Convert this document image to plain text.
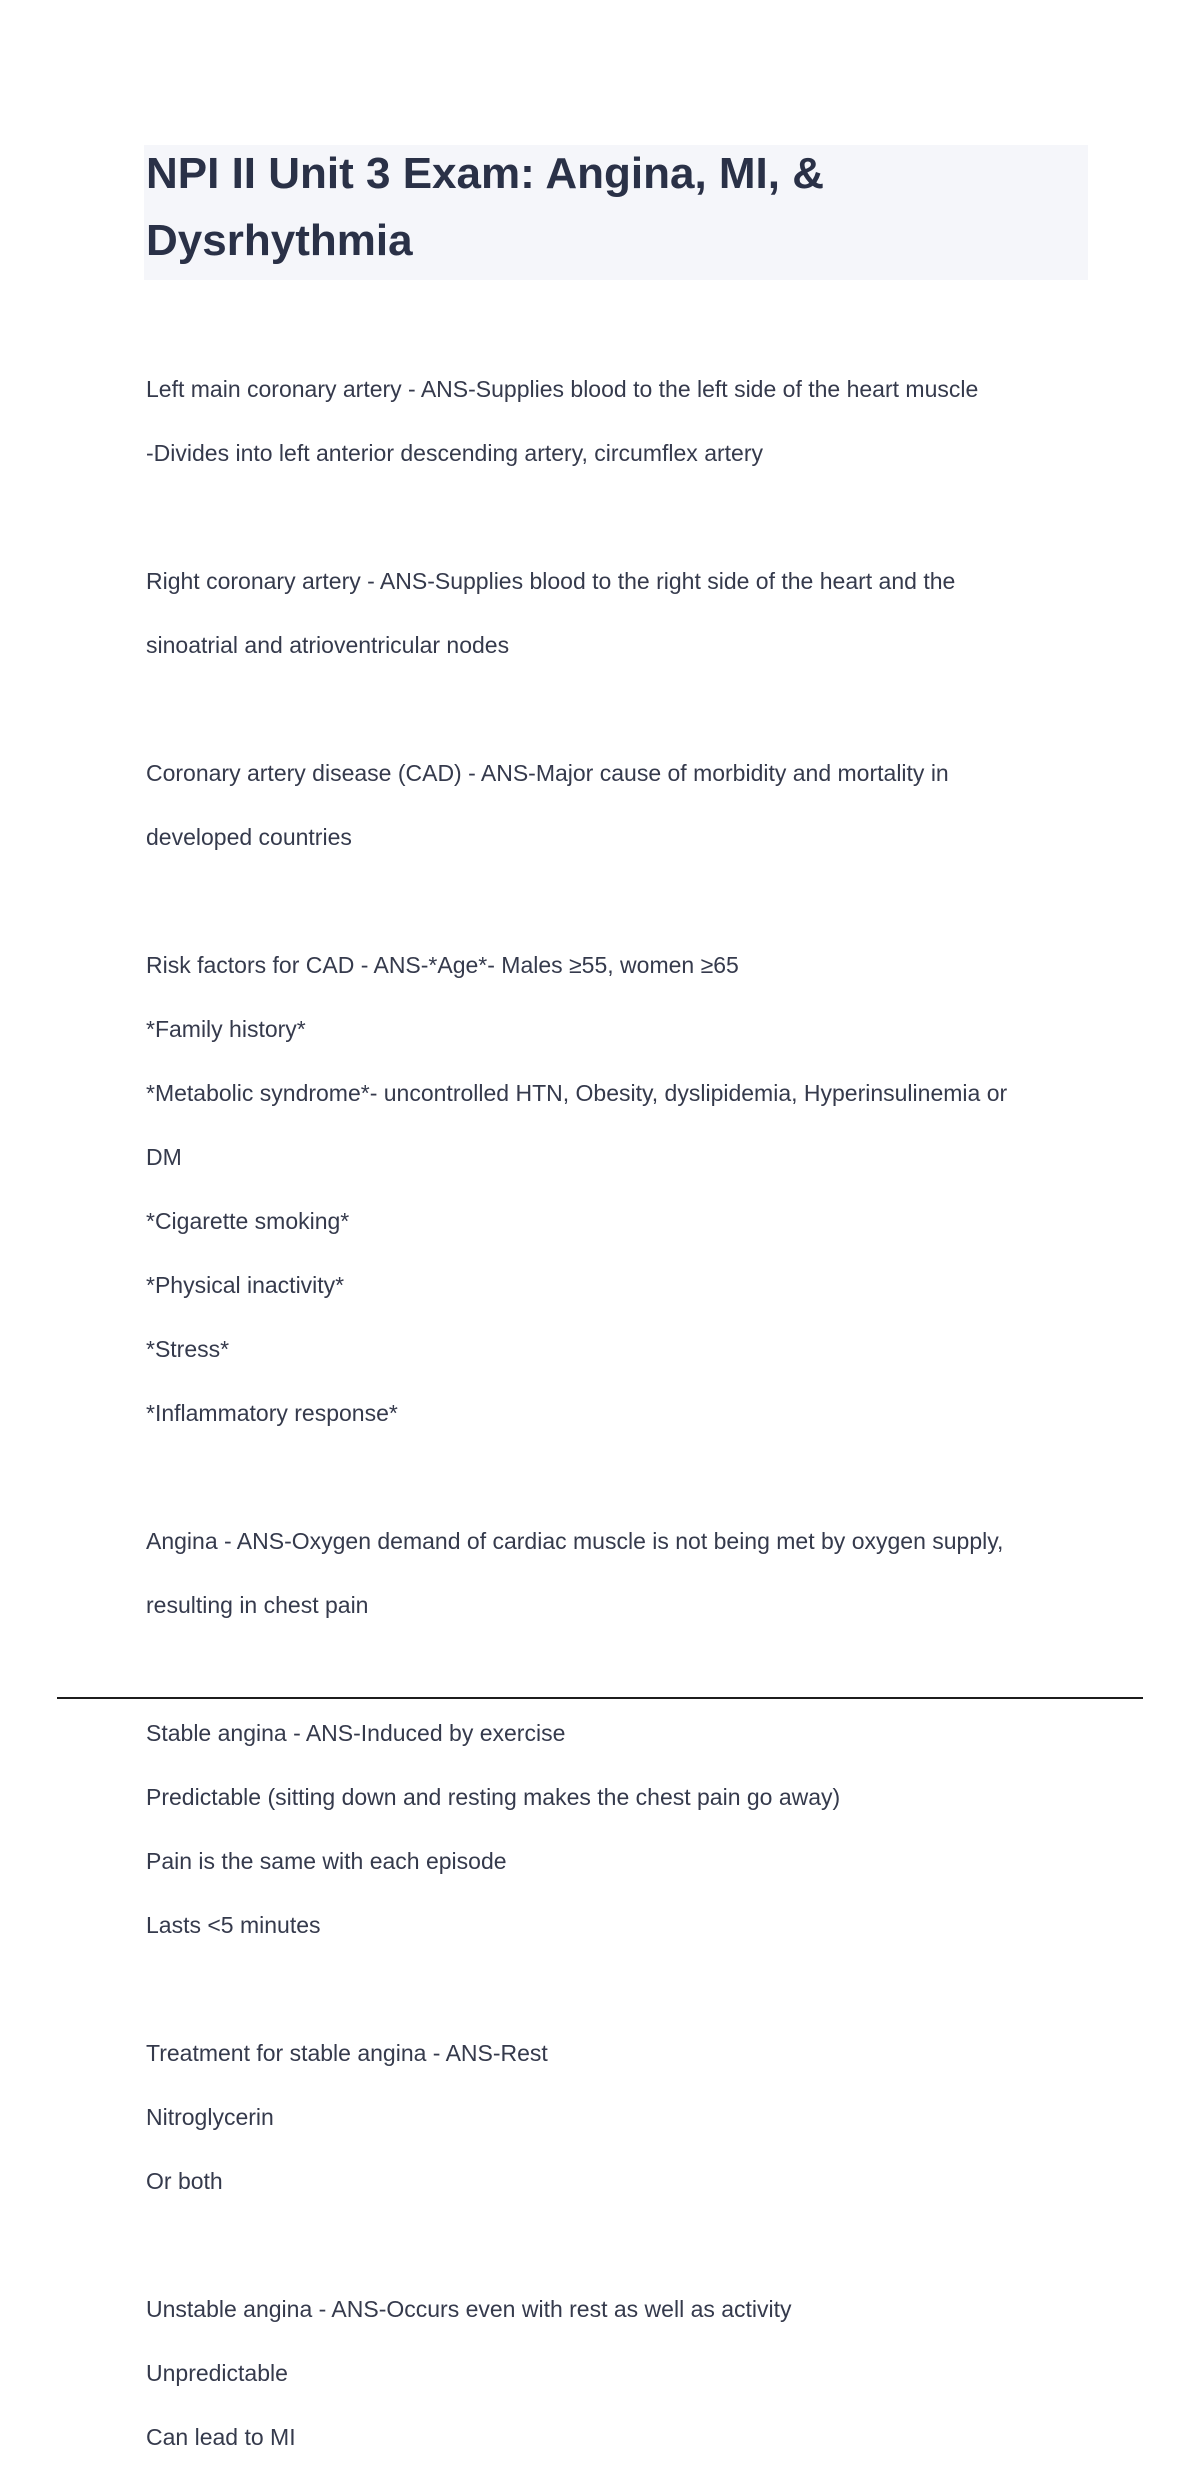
NPI II Unit 3 Exam: Angina, MI, &
Dysrhythmia

Left main coronary artery - ANS-Supplies blood to the left side of the heart muscle

-Divides into left anterior descending artery, circumflex artery

Right coronary artery - ANS-Supplies blood to the right side of the heart and the

sinoatrial and atrioventricular nodes

Coronary artery disease (CAD) - ANS-Major cause of morbidity and mortality in

developed countries

Risk factors for CAD - ANS-*Age*- Males ≥55, women ≥65

*Family history*

*Metabolic syndrome*- uncontrolled HTN, Obesity, dyslipidemia, Hyperinsulinemia or

DM

*Cigarette smoking*

*Physical inactivity*

*Stress*

*Inflammatory response*

Angina - ANS-Oxygen demand of cardiac muscle is not being met by oxygen supply,

resulting in chest pain

Stable angina - ANS-Induced by exercise

Predictable (sitting down and resting makes the chest pain go away)

Pain is the same with each episode

Lasts <5 minutes

Treatment for stable angina - ANS-Rest

Nitroglycerin

Or both

Unstable angina - ANS-Occurs even with rest as well as activity

Unpredictable

Can lead to MI
